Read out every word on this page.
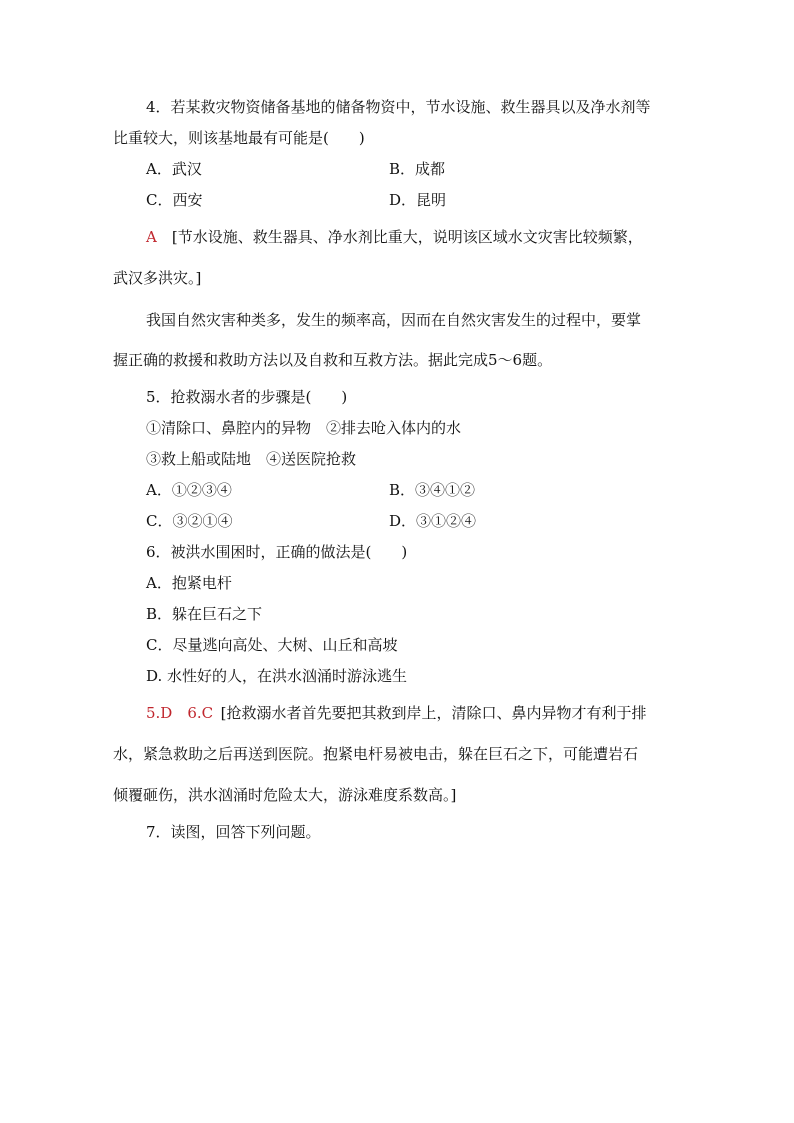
4．若某救灾物资储备基地的储备物资中，节水设施、救生器具以及净水剂等
比重较大，则该基地最有可能是(　　)
A．武汉	B．成都
C．西安	D．昆明
A  [节水设施、救生器具、净水剂比重大，说明该区域水文灾害比较频繁，
武汉多洪灾。]
我国自然灾害种类多，发生的频率高，因而在自然灾害发生的过程中，要掌
握正确的救援和救助方法以及自救和互救方法。据此完成5～6题。
5．抢救溺水者的步骤是(　　)
①清除口、鼻腔内的异物　②排去呛入体内的水
③救上船或陆地　④送医院抢救
A．①②③④	B．③④①②
C．③②①④	D．③①②④
6．被洪水围困时，正确的做法是(　　)
A．抱紧电杆
B．躲在巨石之下
C．尽量逃向高处、大树、山丘和高坡
D. 水性好的人，在洪水汹涌时游泳逃生
5.D　6.C  [抢救溺水者首先要把其救到岸上，清除口、鼻内异物才有利于排
水，紧急救助之后再送到医院。抱紧电杆易被电击，躲在巨石之下，可能遭岩石
倾覆砸伤，洪水汹涌时危险太大，游泳难度系数高。]
7．读图，回答下列问题。
